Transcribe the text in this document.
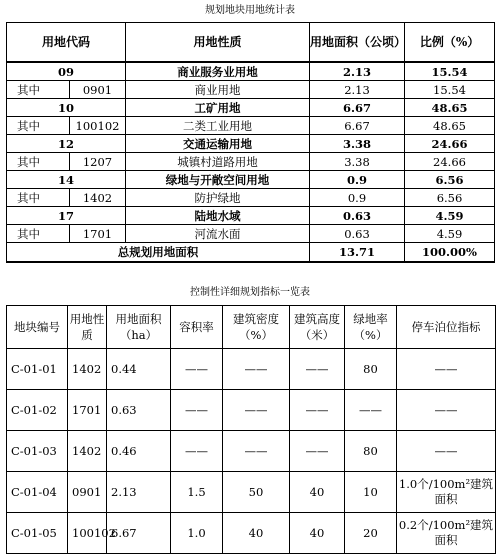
规划地块用地统计表
用地代码		用地性质	用地面积（公顷）	比例（%）
09		商业服务业用地	2.13	15.54
其中	0901	商业用地	2.13	15.54
10		工矿用地	6.67	48.65
其中	100102	二类工业用地	6.67	48.65
12		交通运输用地	3.38	24.66
其中	1207	城镇村道路用地	3.38	24.66
14		绿地与开敞空间用地	0.9	6.56
其中	1402	防护绿地	0.9	6.56
17		陆地水域	0.63	4.59
其中	1701	河流水面	0.63	4.59
总规划用地面积			13.71	100.00%
控制性详细规划指标一览表
地块编号	用地性质	用地面积（ha）	容积率	建筑密度（%）	建筑高度（米）	绿地率（%）	停车泊位指标
C-01-01	1402	0.44	——	——	——	80	——
C-01-02	1701	0.63	——	——	——	——	——
C-01-03	1402	0.46	——	——	——	80	——
C-01-04	0901	2.13	1.5	50	40	10	1.0个/100m²建筑面积
C-01-05	100102	6.67	1.0	40	40	20	0.2个/100m²建筑面积
